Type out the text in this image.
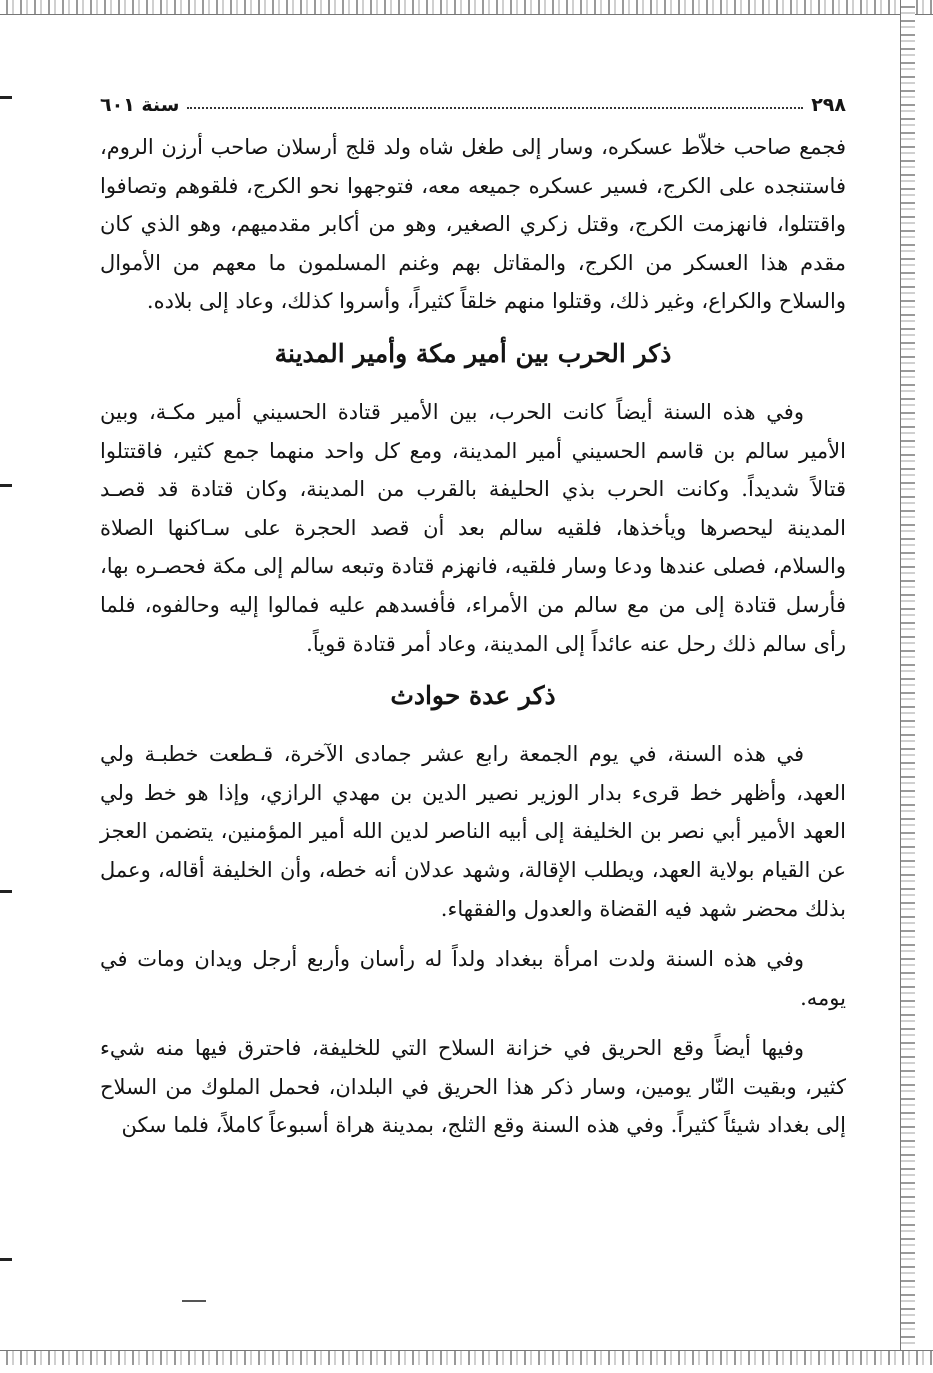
٢٩٨
سنة ٦٠١

فجمع صاحب خلاّط عسكره، وسار إلى طغل شاه ولد قلج أرسلان صاحب أرزن الروم، فاستنجده على الكرج، فسير عسكره جميعه معه، فتوجهوا نحو الكرج، فلقوهم وتصافوا واقتتلوا، فانهزمت الكرج، وقتل زكري الصغير، وهو من أكابر مقدميهم، وهو الذي كان مقدم هذا العسكر من الكرج، والمقاتل بهم وغنم المسلمون ما معهم من الأموال والسلاح والكراع، وغير ذلك، وقتلوا منهم خلقاً كثيراً، وأسروا كذلك، وعاد إلى بلاده.

ذكر الحرب بين أمير مكة وأمير المدينة

وفي هذه السنة أيضاً كانت الحرب، بين الأمير قتادة الحسيني أمير مكـة، وبين الأمير سالم بن قاسم الحسيني أمير المدينة، ومع كل واحد منهما جمع كثير، فاقتتلوا قتالاً شديداً. وكانت الحرب بذي الحليفة بالقرب من المدينة، وكان قتادة قد قصـد المدينة ليحصرها ويأخذها، فلقيه سالم بعد أن قصد الحجرة على سـاكنها الصلاة والسلام، فصلى عندها ودعا وسار فلقيه، فانهزم قتادة وتبعه سالم إلى مكة فحصـره بها، فأرسل قتادة إلى من مع سالم من الأمراء، فأفسدهم عليه فمالوا إليه وحالفوه، فلما رأى سالم ذلك رحل عنه عائداً إلى المدينة، وعاد أمر قتادة قوياً.

ذكر عدة حوادث

في هذه السنة، في يوم الجمعة رابع عشر جمادى الآخرة، قـطعت خطبـة ولي العهد، وأظهر خط قرىء بدار الوزير نصير الدين بن مهدي الرازي، وإذا هو خط ولي العهد الأمير أبي نصر بن الخليفة إلى أبيه الناصر لدين الله أمير المؤمنين، يتضمن العجز عن القيام بولاية العهد، ويطلب الإقالة، وشهد عدلان أنه خطه، وأن الخليفة أقاله، وعمل بذلك محضر شهد فيه القضاة والعدول والفقهاء.

وفي هذه السنة ولدت امرأة ببغداد ولداً له رأسان وأربع أرجل ويدان ومات في يومه.

وفيها أيضاً وقع الحريق في خزانة السلاح التي للخليفة، فاحترق فيها منه شيء كثير، وبقيت النّار يومين، وسار ذكر هذا الحريق في البلدان، فحمل الملوك من السلاح إلى بغداد شيئاً كثيراً. وفي هذه السنة وقع الثلج، بمدينة هراة أسبوعاً كاملاً، فلما سكن
